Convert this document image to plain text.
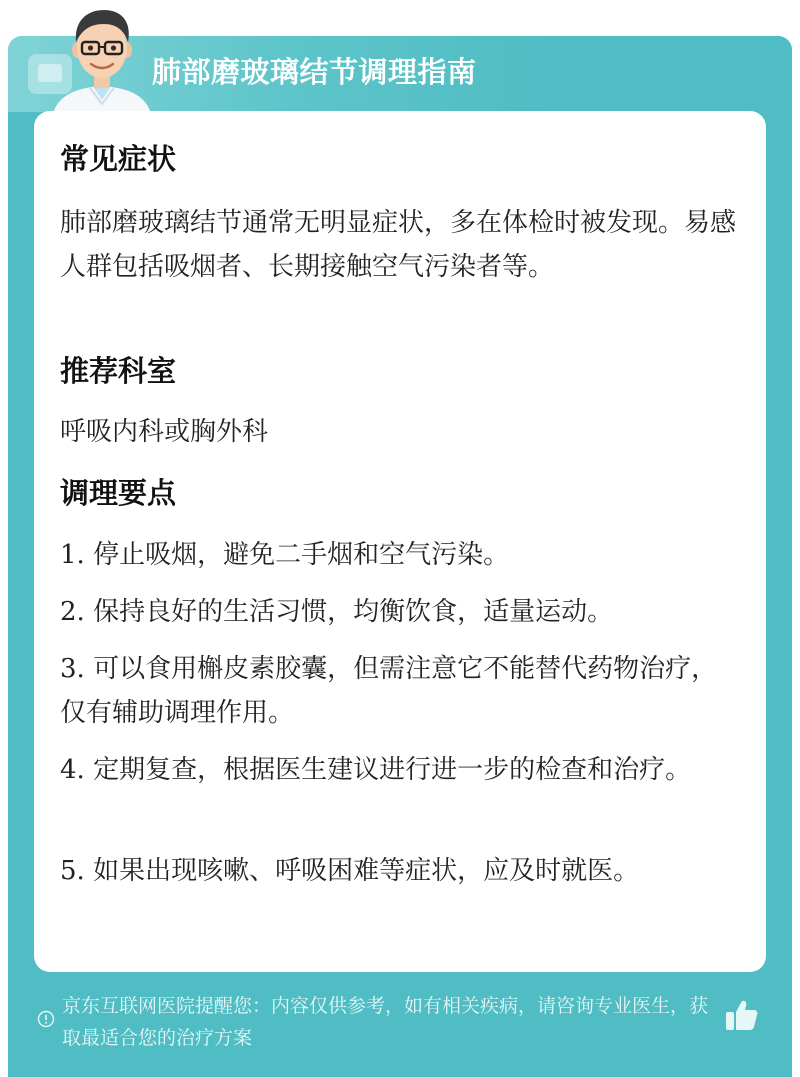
肺部磨玻璃结节调理指南
常见症状
肺部磨玻璃结节通常无明显症状，多在体检时被发现。易感人群包括吸烟者、长期接触空气污染者等。
推荐科室
呼吸内科或胸外科
调理要点
1. 停止吸烟，避免二手烟和空气污染。
2. 保持良好的生活习惯，均衡饮食，适量运动。
3. 可以食用槲皮素胶囊，但需注意它不能替代药物治疗，仅有辅助调理作用。
4. 定期复查，根据医生建议进行进一步的检查和治疗。
5. 如果出现咳嗽、呼吸困难等症状，应及时就医。
京东互联网医院提醒您：内容仅供参考，如有相关疾病，请咨询专业医生，获取最适合您的治疗方案
